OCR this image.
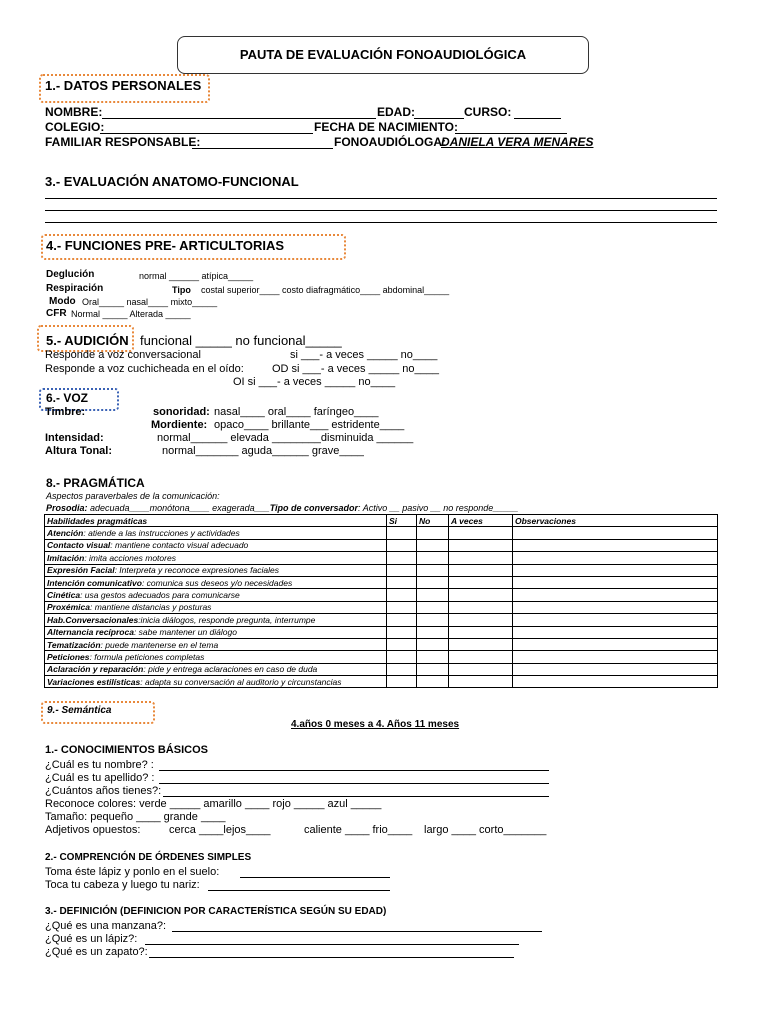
PAUTA DE EVALUACIÓN FONOAUDIOLÓGICA
1.- DATOS PERSONALES
NOMBRE:	EDAD:	CURSO:
COLEGIO:	FECHA DE NACIMIENTO:
FAMILIAR RESPONSABLE:	FONOAUDIÓLOGA:
DANIELA VERA MENARES
3.- EVALUACIÓN ANATOMO-FUNCIONAL
4.- FUNCIONES PRE- ARTICULTORIAS
Deglución	normal ______ atípica_____
Respiración	Tipo costal superior____ costo diafragmático____ abdominal_____
Modo Oral_____ nasal____ mixto_____
CFR Normal _____ Alterada _____
5.- AUDICIÓN funcional _____ no funcional_____
Responde a voz conversacional	si ___- a veces _____ no____
Responde a voz cuchicheada en el oído:	OD si ___- a veces _____ no____
OI si ___- a veces _____ no____
6.- VOZ
Timbre:	sonoridad: nasal____ oral____ faríngeo____
Mordiente: opaco____ brillante___ estridente____
Intensidad:	normal______ elevada ________disminuida ______
Altura Tonal:	normal_______ aguda______ grave____
8.- PRAGMÁTICA
Aspectos paraverbales de la comunicación:
Prosodia: adecuada____monótona____ exagerada___Tipo de conversador: Activo __ pasivo __ no responde_____
Habilidades pragmáticas	Si	No	A veces	Observaciones
Atención: atiende a las instrucciones y actividades				
Contacto visual: mantiene contacto visual adecuado				
Imitación: imita acciones motores				
Expresión Facial: Interpreta y reconoce expresiones faciales				
Intención comunicativo: comunica sus deseos y/o necesidades				
Cinética: usa gestos adecuados para comunicarse				
Proxémica: mantiene distancias y posturas				
Hab.Conversacionales:inicia diálogos, responde pregunta, interrumpe				
Alternancia recíproca: sabe mantener un diálogo				
Tematización: puede mantenerse en el tema				
Peticiones: formula peticiones completas				
Aclaración y reparación: pide y entrega aclaraciones en caso de duda				
Variaciones estilísticas: adapta su conversación al auditorio y circunstancias				
9.- Semántica
4.años 0 meses a 4. Años 11 meses
1.- CONOCIMIENTOS BÁSICOS
¿Cuál es tu nombre? :
¿Cuál es tu apellido? :
¿Cuántos años tienes?:
Reconoce colores: verde _____ amarillo ____ rojo _____ azul _____
Tamaño: pequeño ____ grande ____
Adjetivos opuestos:	cerca ____lejos____	caliente ____ frio____ largo ____ corto_______
2.- COMPRENCIÓN DE ÓRDENES SIMPLES
Toma éste lápiz y ponlo en el suelo:
Toca tu cabeza y luego tu nariz:
3.- DEFINICIÓN (DEFINICION POR CARACTERÍSTICA SEGÚN SU EDAD)
¿Qué es una manzana?:
¿Qué es un lápiz?:
¿Qué es un zapato?:
